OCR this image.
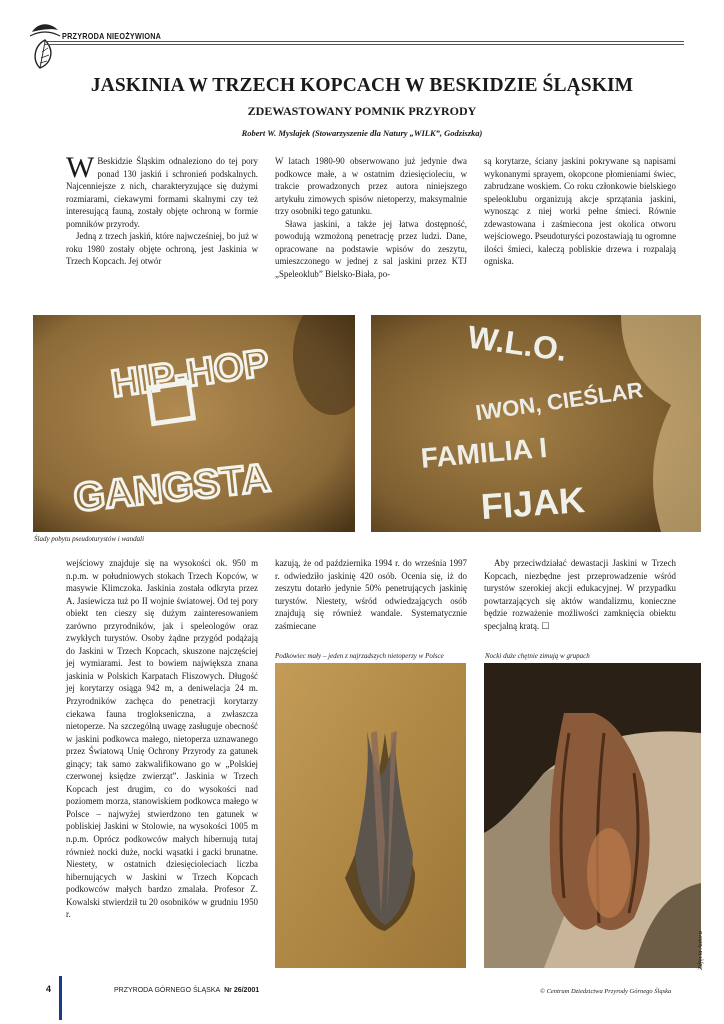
PRZYRODA NIEOŻYWIONA
JASKINIA W TRZECH KOPCACH W BESKIDZIE ŚLĄSKIM
ZDEWASTOWANY POMNIK PRZYRODY
Robert W. Myslajek (Stowarzyszenie dla Natury „WILK”, Godziszka)

W Beskidzie Śląskim odnaleziono do tej pory ponad 130 jaskiń i schronień podskalnych. Najcenniejsze z nich, charakteryzujące się dużymi rozmiarami, ciekawymi formami skalnymi czy też interesującą fauną, zostały objęte ochroną w formie pomników przyrody.

Jedną z trzech jaskiń, które najwcześniej, bo już w roku 1980 zostały objęte ochroną, jest Jaskinia w Trzech Kopcach. Jej otwór

W latach 1980-90 obserwowano już jedynie dwa podkowce małe, a w ostatnim dziesięcioleciu, w trakcie prowadzonych przez autora niniejszego artykułu zimowych spisów nietoperzy, maksymalnie trzy osobniki tego gatunku.

Sława jaskini, a także jej łatwa dostępność, powodują wzmożoną penetrację przez ludzi. Dane, opracowane na podstawie wpisów do zeszytu, umieszczonego w jednej z sal jaskini przez KTJ „Speleoklub” Bielsko-Biała, po-

są korytarze, ściany jaskini pokrywane są napisami wykonanymi sprayem, okopcone płomieniami świec, zabrudzane woskiem. Co roku członkowie bielskiego speleoklubu organizują akcje sprzątania jaskini, wynosząc z niej worki pełne śmieci. Równie zdewastowana i zaśmiecona jest okolica otworu wejściowego. Pseudoturyści pozostawiają tu ogromne ilości śmieci, kaleczą pobliskie drzewa i rozpalają ogniska.

HIP-HOP
GANGSTA
W.L.O.
IWON, CIEŚLAR
FAMILIA I
FIJAK
Ślady pobytu pseudoturystów i wandali

wejściowy znajduje się na wysokości ok. 950 m n.p.m. w południowych stokach Trzech Kopców, w masywie Klimczoka. Jaskinia została odkryta przez A. Jasiewicza tuż po II wojnie światowej. Od tej pory obiekt ten cieszy się dużym zainteresowaniem zarówno przyrodników, jak i speleologów oraz zwykłych turystów. Osoby żądne przygód podążają do Jaskini w Trzech Kopcach, skuszone najczęściej jej wymiarami. Jest to bowiem największa znana jaskinia w Polskich Karpatach Fliszowych. Długość jej korytarzy osiąga 942 m, a deniwelacja 24 m. Przyrodników zachęca do penetracji korytarzy ciekawa fauna troglokseniczna, a zwłaszcza nietoperze. Na szczególną uwagę zasługuje obecność w jaskini podkowca małego, nietoperza uznawanego przez Światową Unię Ochrony Przyrody za gatunek ginący; tak samo zakwalifikowano go w „Polskiej czerwonej księdze zwierząt”. Jaskinia w Trzech Kopcach jest drugim, co do wysokości nad poziomem morza, stanowiskiem podkowca małego w Polsce – najwyżej stwierdzono ten gatunek w pobliskiej Jaskini w Stolowie, na wysokości 1005 m n.p.m. Oprócz podkowców małych hibernują tutaj również nocki duże, nocki wąsatki i gacki brunatne. Niestety, w ostatnich dziesięcioleciach liczba hibernujących w Jaskini w Trzech Kopcach podkowców małych bardzo zmalała. Profesor Z. Kowalski stwierdził tu 20 osobników w grudniu 1950 r.

kazują, że od października 1994 r. do września 1997 r. odwiedziło jaskinię 420 osób. Ocenia się, iż do zeszytu dotarło jedynie 50% penetrujących jaskinię turystów. Niestety, wśród odwiedzających osób znajdują się również wandale. Systematycznie zaśmiecane

Aby przeciwdziałać dewastacji Jaskini w Trzech Kopcach, niezbędne jest przeprowadzenie wśród turystów szerokiej akcji edukacyjnej. W przypadku powtarzających się aktów wandalizmu, konieczne będzie rozważenie możliwości zamknięcia obiektu specjalną kratą. ☐

Podkowiec mały – jeden z najrzadszych nietoperzy w Polsce	Nocki duże chętnie zimują w grupach
Zdjęcia Autora
4	PRZYRODA GÓRNEGO ŚLĄSKA Nr 26/2001	© Centrum Dziedzictwa Przyrody Górnego Śląska
